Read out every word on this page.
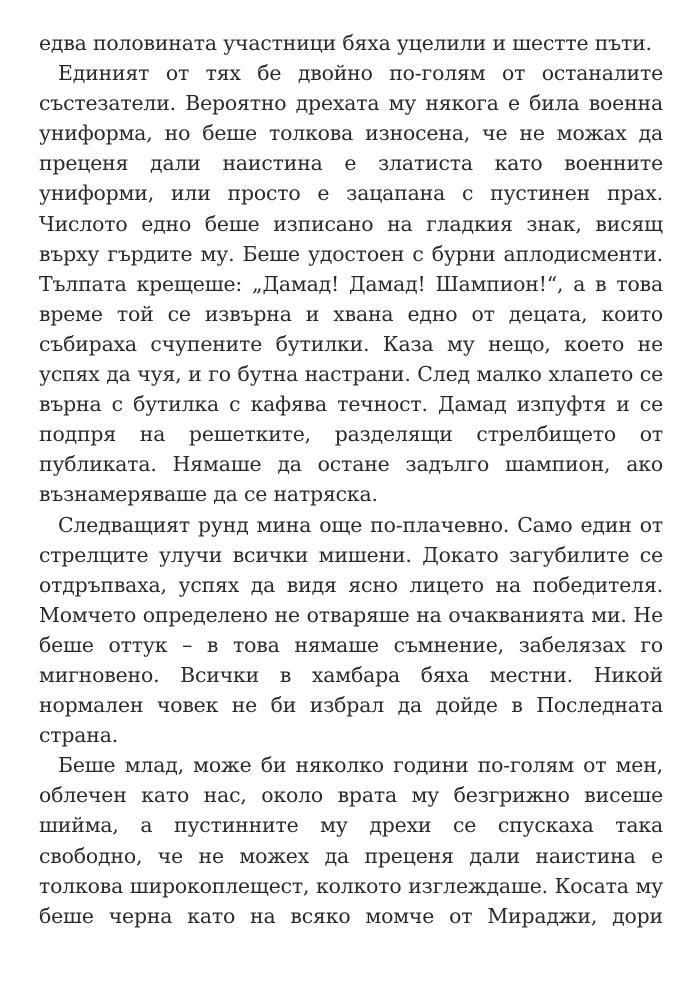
едва половината участници бяха уцелили и шестте пъти.
Единият от тях бе двойно по-голям от останалите
състезатели. Вероятно дрехата му някога е била военна
униформа, но беше толкова износена, че не можах да
преценя дали наистина е златиста като военните
униформи, или просто е зацапана с пустинен прах.
Числото едно беше изписано на гладкия знак, висящ
върху гърдите му. Беше удостоен с бурни аплодисменти.
Тълпата крещеше: „Дамад! Дамад! Шампион!“, а в това
време той се извърна и хвана едно от децата, които
събираха счупените бутилки. Каза му нещо, което не
успях да чуя, и го бутна настрани. След малко хлапето се
върна с бутилка с кафява течност. Дамад изпуфтя и се
подпря на решетките, разделящи стрелбището от
публиката. Нямаше да остане задълго шампион, ако
възнамеряваше да се натряска.
Следващият рунд мина още по-плачевно. Само един от
стрелците улучи всички мишени. Докато загубилите се
отдръпваха, успях да видя ясно лицето на победителя.
Момчето определено не отваряше на очакванията ми. Не
беше оттук – в това нямаше съмнение, забелязах го
мигновено. Всички в хамбара бяха местни. Никой
нормален човек не би избрал да дойде в Последната
страна.
Беше млад, може би няколко години по-голям от мен,
облечен като нас, около врата му безгрижно висеше
шийма, а пустинните му дрехи се спускаха така
свободно, че не можех да преценя дали наистина е
толкова широкоплещест, колкото изглеждаше. Косата му
беше черна като на всяко момче от Мираджи, дори
